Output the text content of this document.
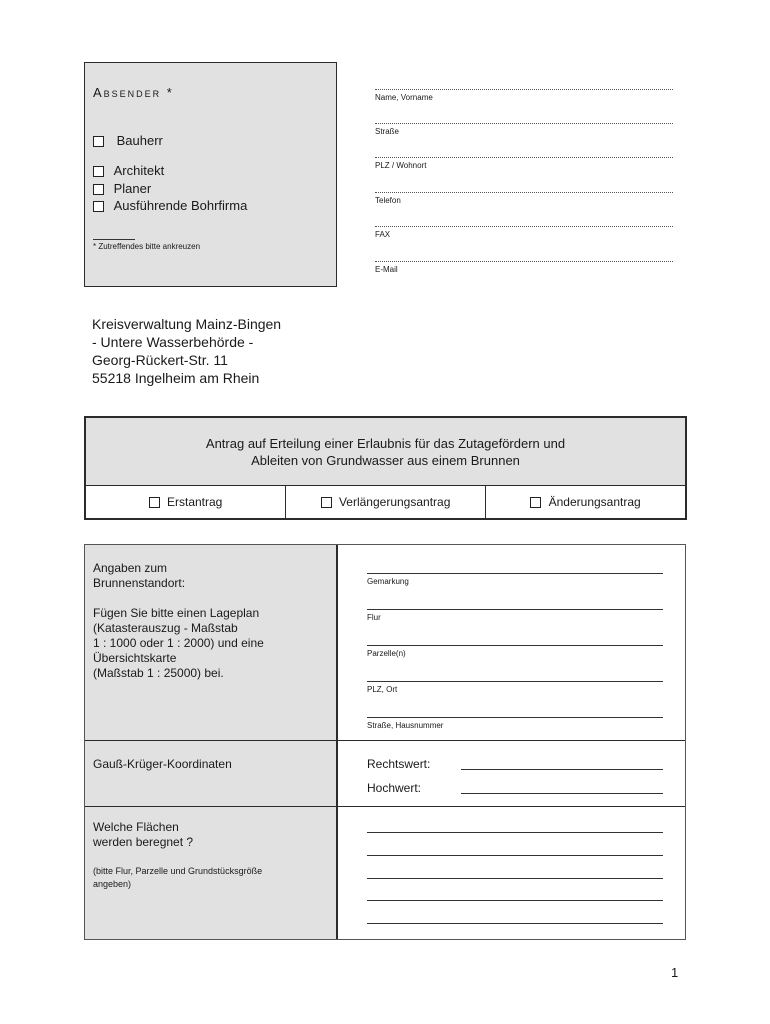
Absender *
Bauherr
Architekt
Planer
Ausführende Bohrfirma
* Zutreffendes bitte ankreuzen
Name, Vorname
Straße
PLZ / Wohnort
Telefon
FAX
E-Mail
Kreisverwaltung Mainz-Bingen
- Untere Wasserbehörde -
Georg-Rückert-Str. 11
55218 Ingelheim am Rhein
Antrag auf Erteilung einer Erlaubnis für das Zutagefördern und
Ableiten von Grundwasser aus einem Brunnen
Erstantrag	Verlängerungsantrag	Änderungsantrag
Angaben zum
Brunnenstandort:
Fügen Sie bitte einen Lageplan
(Katasterauszug - Maßstab
1 : 1000 oder 1 : 2000) und eine
Übersichtskarte
(Maßstab 1 : 25000) bei.
Gemarkung
Flur
Parzelle(n)
PLZ, Ort
Straße, Hausnummer
Gauß-Krüger-Koordinaten	Rechtswert:
Hochwert:
Welche Flächen
werden beregnet ?
(bitte Flur, Parzelle und Grundstücksgröße
angeben)
1
